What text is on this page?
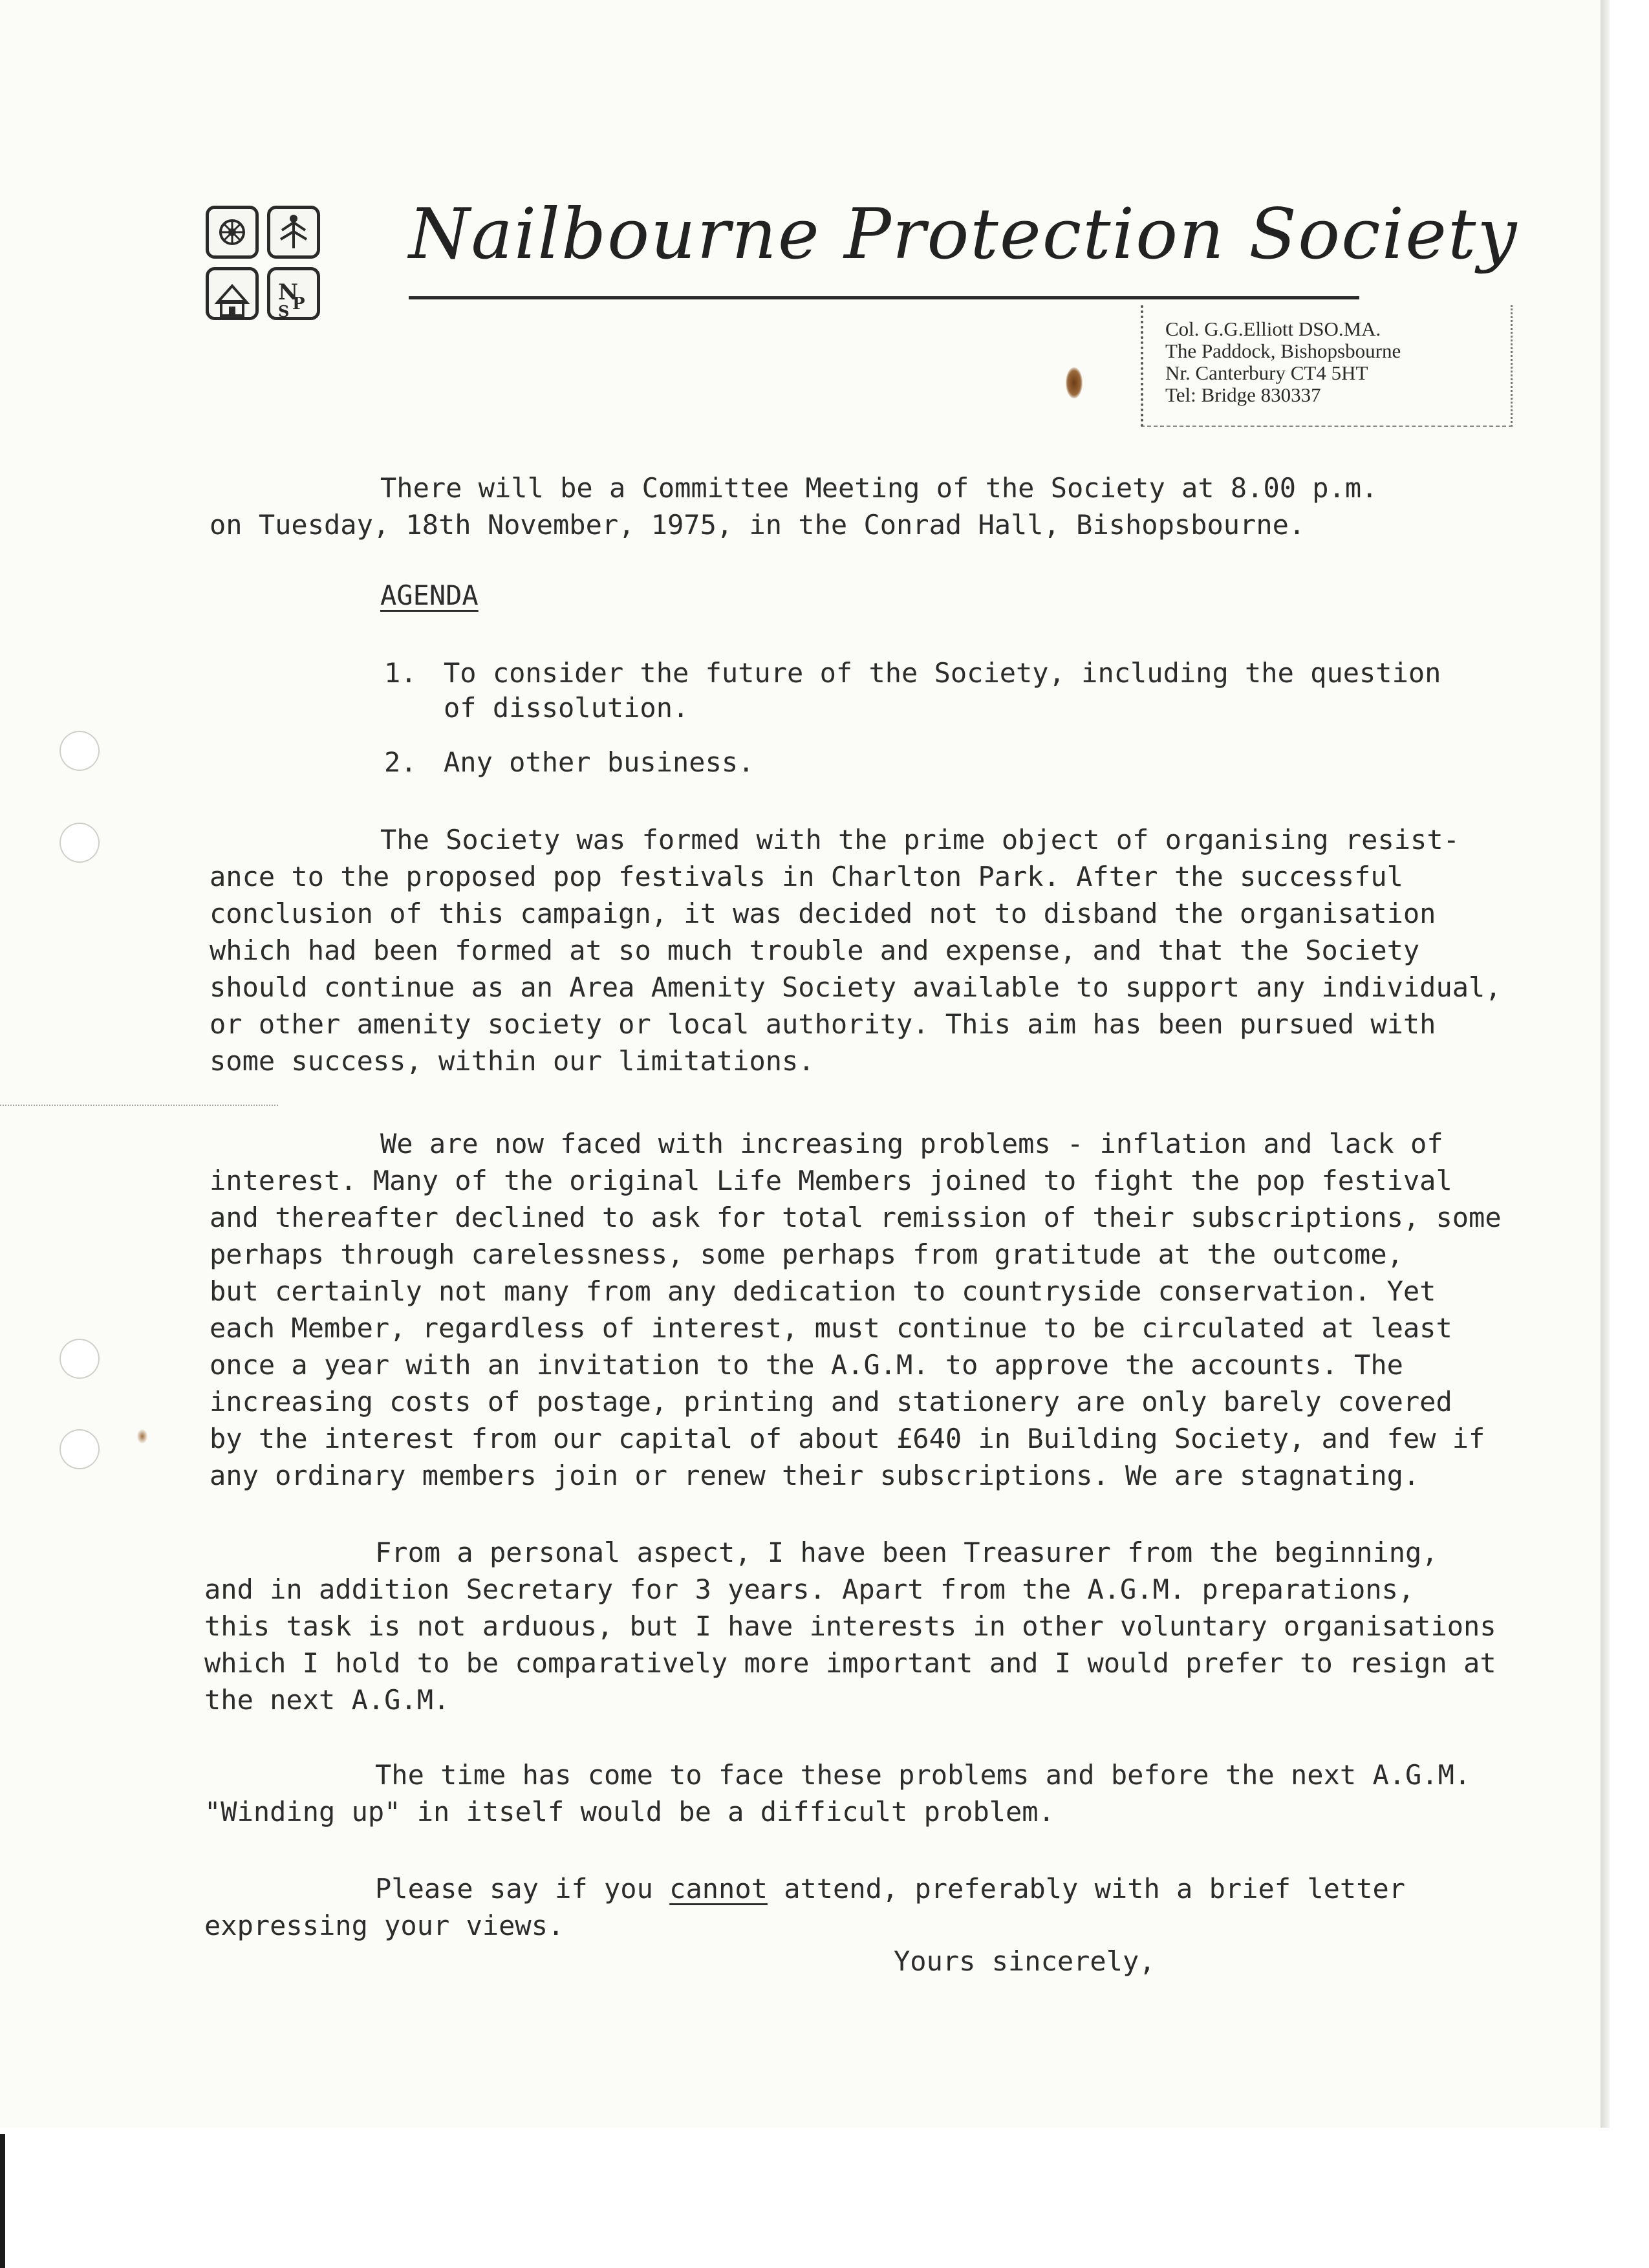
N
P
S
Nailbourne Protection Society
Col. G.G.Elliott DSO.MA.
The Paddock, Bishopsbourne
Nr. Canterbury CT4 5HT
Tel: Bridge 830337
There will be a Committee Meeting of the Society at 8.00 p.m.
on Tuesday, 18th November, 1975, in the Conrad Hall, Bishopsbourne.
AGENDA
1. To consider the future of the Society, including the question
of dissolution.
2. Any other business.
The Society was formed with the prime object of organising resist-
ance to the proposed pop festivals in Charlton Park. After the successful
conclusion of this campaign, it was decided not to disband the organisation
which had been formed at so much trouble and expense, and that the Society
should continue as an Area Amenity Society available to support any individual,
or other amenity society or local authority. This aim has been pursued with
some success, within our limitations.
We are now faced with increasing problems - inflation and lack of
interest. Many of the original Life Members joined to fight the pop festival
and thereafter declined to ask for total remission of their subscriptions, some
perhaps through carelessness, some perhaps from gratitude at the outcome,
but certainly not many from any dedication to countryside conservation. Yet
each Member, regardless of interest, must continue to be circulated at least
once a year with an invitation to the A.G.M. to approve the accounts. The
increasing costs of postage, printing and stationery are only barely covered
by the interest from our capital of about £640 in Building Society, and few if
any ordinary members join or renew their subscriptions. We are stagnating.
From a personal aspect, I have been Treasurer from the beginning,
and in addition Secretary for 3 years. Apart from the A.G.M. preparations,
this task is not arduous, but I have interests in other voluntary organisations
which I hold to be comparatively more important and I would prefer to resign at
the next A.G.M.
The time has come to face these problems and before the next A.G.M.
"Winding up" in itself would be a difficult problem.
Please say if you cannot attend, preferably with a brief letter
expressing your views.
Yours sincerely,
